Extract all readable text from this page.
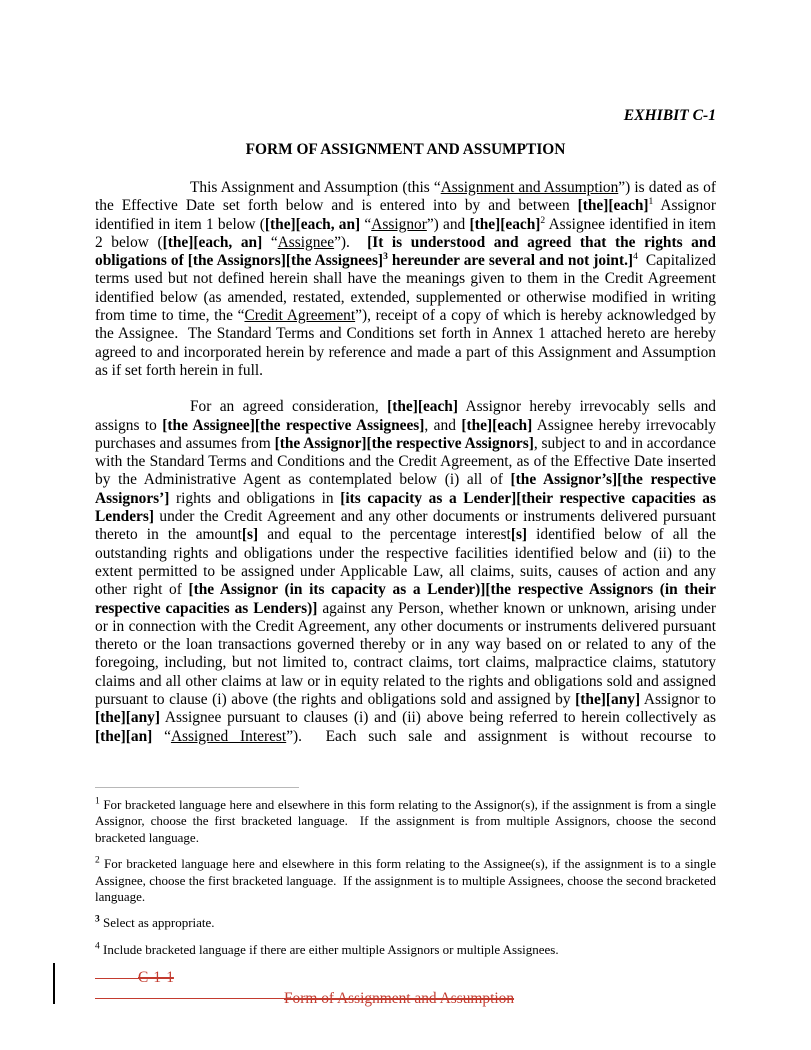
EXHIBIT C-1
FORM OF ASSIGNMENT AND ASSUMPTION

This Assignment and Assumption (this “Assignment and Assumption”) is dated as of the Effective Date set forth below and is entered into by and between [the][each]$^1$ Assignor identified in item 1 below ([the][each, an] “Assignor”) and [the][each]$^2$ Assignee identified in item 2 below ([the][each, an] “Assignee”).  [It is understood and agreed that the rights and obligations of [the Assignors][the Assignees]$^3$ hereunder are several and not joint.]$^4$  Capitalized terms used but not defined herein shall have the meanings given to them in the Credit Agreement identified below (as amended, restated, extended, supplemented or otherwise modified in writing from time to time, the “Credit Agreement”), receipt of a copy of which is hereby acknowledged by the Assignee.  The Standard Terms and Conditions set forth in Annex 1 attached hereto are hereby agreed to and incorporated herein by reference and made a part of this Assignment and Assumption as if set forth herein in full.

For an agreed consideration, [the][each] Assignor hereby irrevocably sells and assigns to [the Assignee][the respective Assignees], and [the][each] Assignee hereby irrevocably purchases and assumes from [the Assignor][the respective Assignors], subject to and in accordance with the Standard Terms and Conditions and the Credit Agreement, as of the Effective Date inserted by the Administrative Agent as contemplated below (i) all of [the Assignor’s][the respective Assignors’] rights and obligations in [its capacity as a Lender][their respective capacities as Lenders] under the Credit Agreement and any other documents or instruments delivered pursuant thereto in the amount[s] and equal to the percentage interest[s] identified below of all the outstanding rights and obligations under the respective facilities identified below and (ii) to the extent permitted to be assigned under Applicable Law, all claims, suits, causes of action and any other right of [the Assignor (in its capacity as a Lender)][the respective Assignors (in their respective capacities as Lenders)] against any Person, whether known or unknown, arising under or in connection with the Credit Agreement, any other documents or instruments delivered pursuant thereto or the loan transactions governed thereby or in any way based on or related to any of the foregoing, including, but not limited to, contract claims, tort claims, malpractice claims, statutory claims and all other claims at law or in equity related to the rights and obligations sold and assigned pursuant to clause (i) above (the rights and obligations sold and assigned by [the][any] Assignor to [the][any] Assignee pursuant to clauses (i) and (ii) above being referred to herein collectively as [the][an] “Assigned Interest”).  Each such sale and assignment is without recourse to

$^1$ For bracketed language here and elsewhere in this form relating to the Assignor(s), if the assignment is from a single Assignor, choose the first bracketed language.  If the assignment is from multiple Assignors, choose the second bracketed language.

$^2$ For bracketed language here and elsewhere in this form relating to the Assignee(s), if the assignment is to a single Assignee, choose the first bracketed language.  If the assignment is to multiple Assignees, choose the second bracketed language.

$^3$ Select as appropriate.

$^4$ Include bracketed language if there are either multiple Assignors or multiple Assignees.

C-1-1
Form of Assignment and Assumption
